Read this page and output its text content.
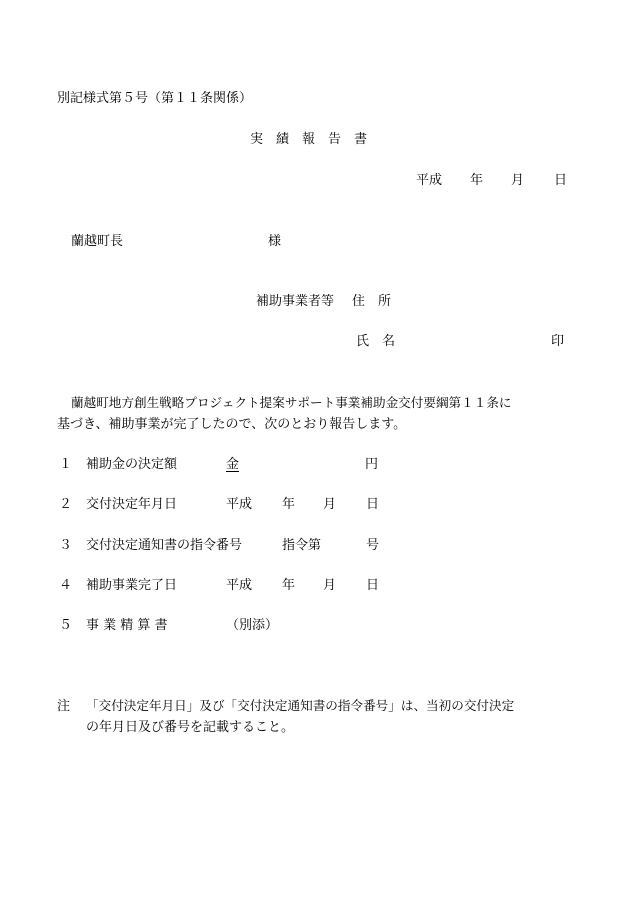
別記様式第５号（第１１条関係）
実　績　報　告　書
平成 年 月 日
蘭越町長	様
補助事業者等 住　所
氏　名	印
蘭越町地方創生戦略プロジェクト提案サポート事業補助金交付要綱第１１条に
基づき、補助事業が完了したので、次のとおり報告します。
１ 補助金の決定額	金	円
２ 交付決定年月日	平成 年 月 日
３ 交付決定通知書の指令番号	指令第	号
４ 補助事業完了日	平成 年 月 日
５ 事 業 精 算 書	（別添）
注 「交付決定年月日」及び「交付決定通知書の指令番号」は、当初の交付決定
の年月日及び番号を記載すること。
